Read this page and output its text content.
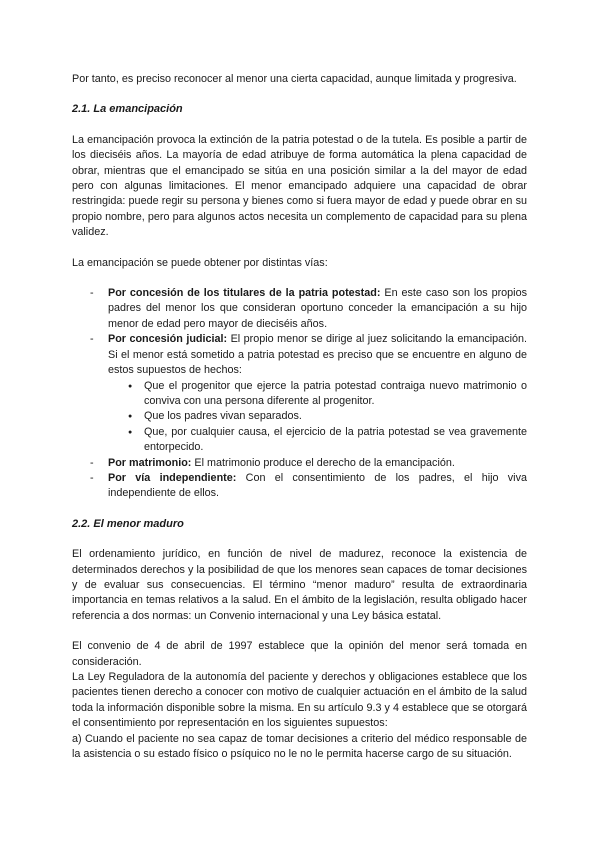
Por tanto, es preciso reconocer al menor una cierta capacidad, aunque limitada y progresiva.

2.1. La emancipación

La emancipación provoca la extinción de la patria potestad o de la tutela. Es posible a partir de los dieciséis años. La mayoría de edad atribuye de forma automática la plena capacidad de obrar, mientras que el emancipado se sitúa en una posición similar a la del mayor de edad pero con algunas limitaciones. El menor emancipado adquiere una capacidad de obrar restringida: puede regir su persona y bienes como si fuera mayor de edad y puede obrar en su propio nombre, pero para algunos actos necesita un complemento de capacidad para su plena validez.

La emancipación se puede obtener por distintas vías:

- Por concesión de los titulares de la patria potestad: En este caso son los propios padres del menor los que consideran oportuno conceder la emancipación a su hijo menor de edad pero mayor de dieciséis años.
- Por concesión judicial: El propio menor se dirige al juez solicitando la emancipación. Si el menor está sometido a patria potestad es preciso que se encuentre en alguno de estos supuestos de hechos:
● Que el progenitor que ejerce la patria potestad contraiga nuevo matrimonio o conviva con una persona diferente al progenitor.
● Que los padres vivan separados.
● Que, por cualquier causa, el ejercicio de la patria potestad se vea gravemente entorpecido.
- Por matrimonio: El matrimonio produce el derecho de la emancipación.
- Por vía independiente: Con el consentimiento de los padres, el hijo viva independiente de ellos.
2.2. El menor maduro

El ordenamiento jurídico, en función de nivel de madurez, reconoce la existencia de determinados derechos y la posibilidad de que los menores sean capaces de tomar decisiones y de evaluar sus consecuencias. El término “menor maduro” resulta de extraordinaria importancia en temas relativos a la salud. En el ámbito de la legislación, resulta obligado hacer referencia a dos normas: un Convenio internacional y una Ley básica estatal.

El convenio de 4 de abril de 1997 establece que la opinión del menor será tomada en consideración.

La Ley Reguladora de la autonomía del paciente y derechos y obligaciones establece que los pacientes tienen derecho a conocer con motivo de cualquier actuación en el ámbito de la salud toda la información disponible sobre la misma. En su artículo 9.3 y 4 establece que se otorgará el consentimiento por representación en los siguientes supuestos:

a) Cuando el paciente no sea capaz de tomar decisiones a criterio del médico responsable de la asistencia o su estado físico o psíquico no le no le permita hacerse cargo de su situación.
